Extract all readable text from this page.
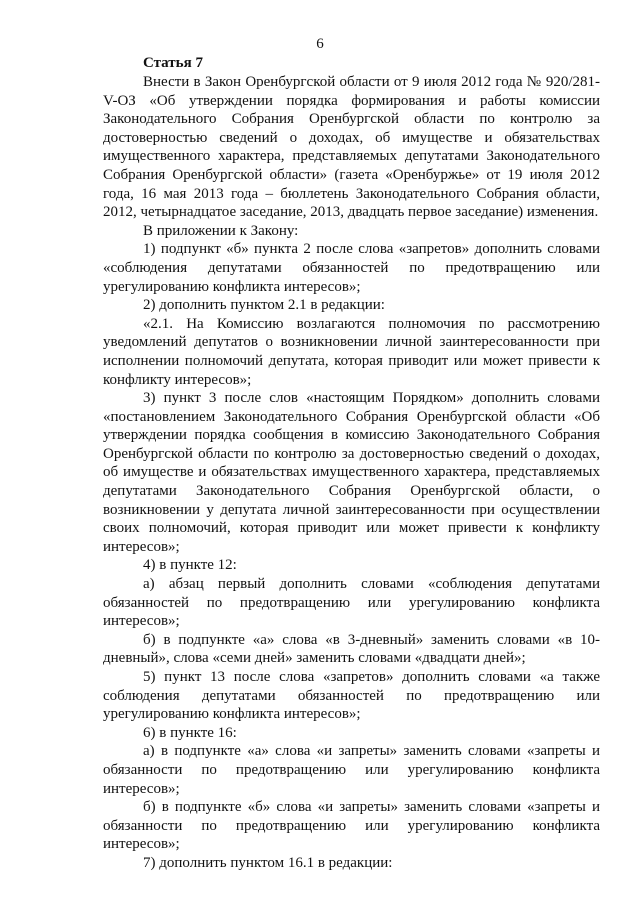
6

Статья 7

Внести в Закон Оренбургской области от 9 июля 2012 года № 920/281-V-ОЗ «Об утверждении порядка формирования и работы комиссии Законодательного Собрания Оренбургской области по контролю за достоверностью сведений о доходах, об имуществе и обязательствах имущественного характера, представляемых депутатами Законодательного Собрания Оренбургской области» (газета «Оренбуржье» от 19 июля 2012 года, 16 мая 2013 года – бюллетень Законодательного Собрания области, 2012, четырнадцатое заседание, 2013, двадцать первое заседание) изменения.

В приложении к Закону:

1) подпункт «б» пункта 2 после слова «запретов» дополнить словами «соблюдения депутатами обязанностей по предотвращению или урегулированию конфликта интересов»;

2) дополнить пунктом 2.1 в редакции:

«2.1. На Комиссию возлагаются полномочия по рассмотрению уведомлений депутатов о возникновении личной заинтересованности при исполнении полномочий депутата, которая приводит или может привести к конфликту интересов»;

3) пункт 3 после слов «настоящим Порядком» дополнить словами «постановлением Законодательного Собрания Оренбургской области «Об утверждении порядка сообщения в комиссию Законодательного Собрания Оренбургской области по контролю за достоверностью сведений о доходах, об имуществе и обязательствах имущественного характера, представляемых депутатами Законодательного Собрания Оренбургской области, о возникновении у депутата личной заинтересованности при осуществлении своих полномочий, которая приводит или может привести к конфликту интересов»;

4) в пункте 12:

а) абзац первый дополнить словами «соблюдения депутатами обязанностей по предотвращению или урегулированию конфликта интересов»;

б) в подпункте «а» слова «в 3-дневный» заменить словами «в 10-дневный», слова «семи дней» заменить словами «двадцати дней»;

5) пункт 13 после слова «запретов» дополнить словами «а также соблюдения депутатами обязанностей по предотвращению или урегулированию конфликта интересов»;

6) в пункте 16:

а) в подпункте «а» слова «и запреты» заменить словами «запреты и обязанности по предотвращению или урегулированию конфликта интересов»;

б) в подпункте «б» слова «и запреты» заменить словами «запреты и обязанности по предотвращению или урегулированию конфликта интересов»;

7) дополнить пунктом 16.1 в редакции:
